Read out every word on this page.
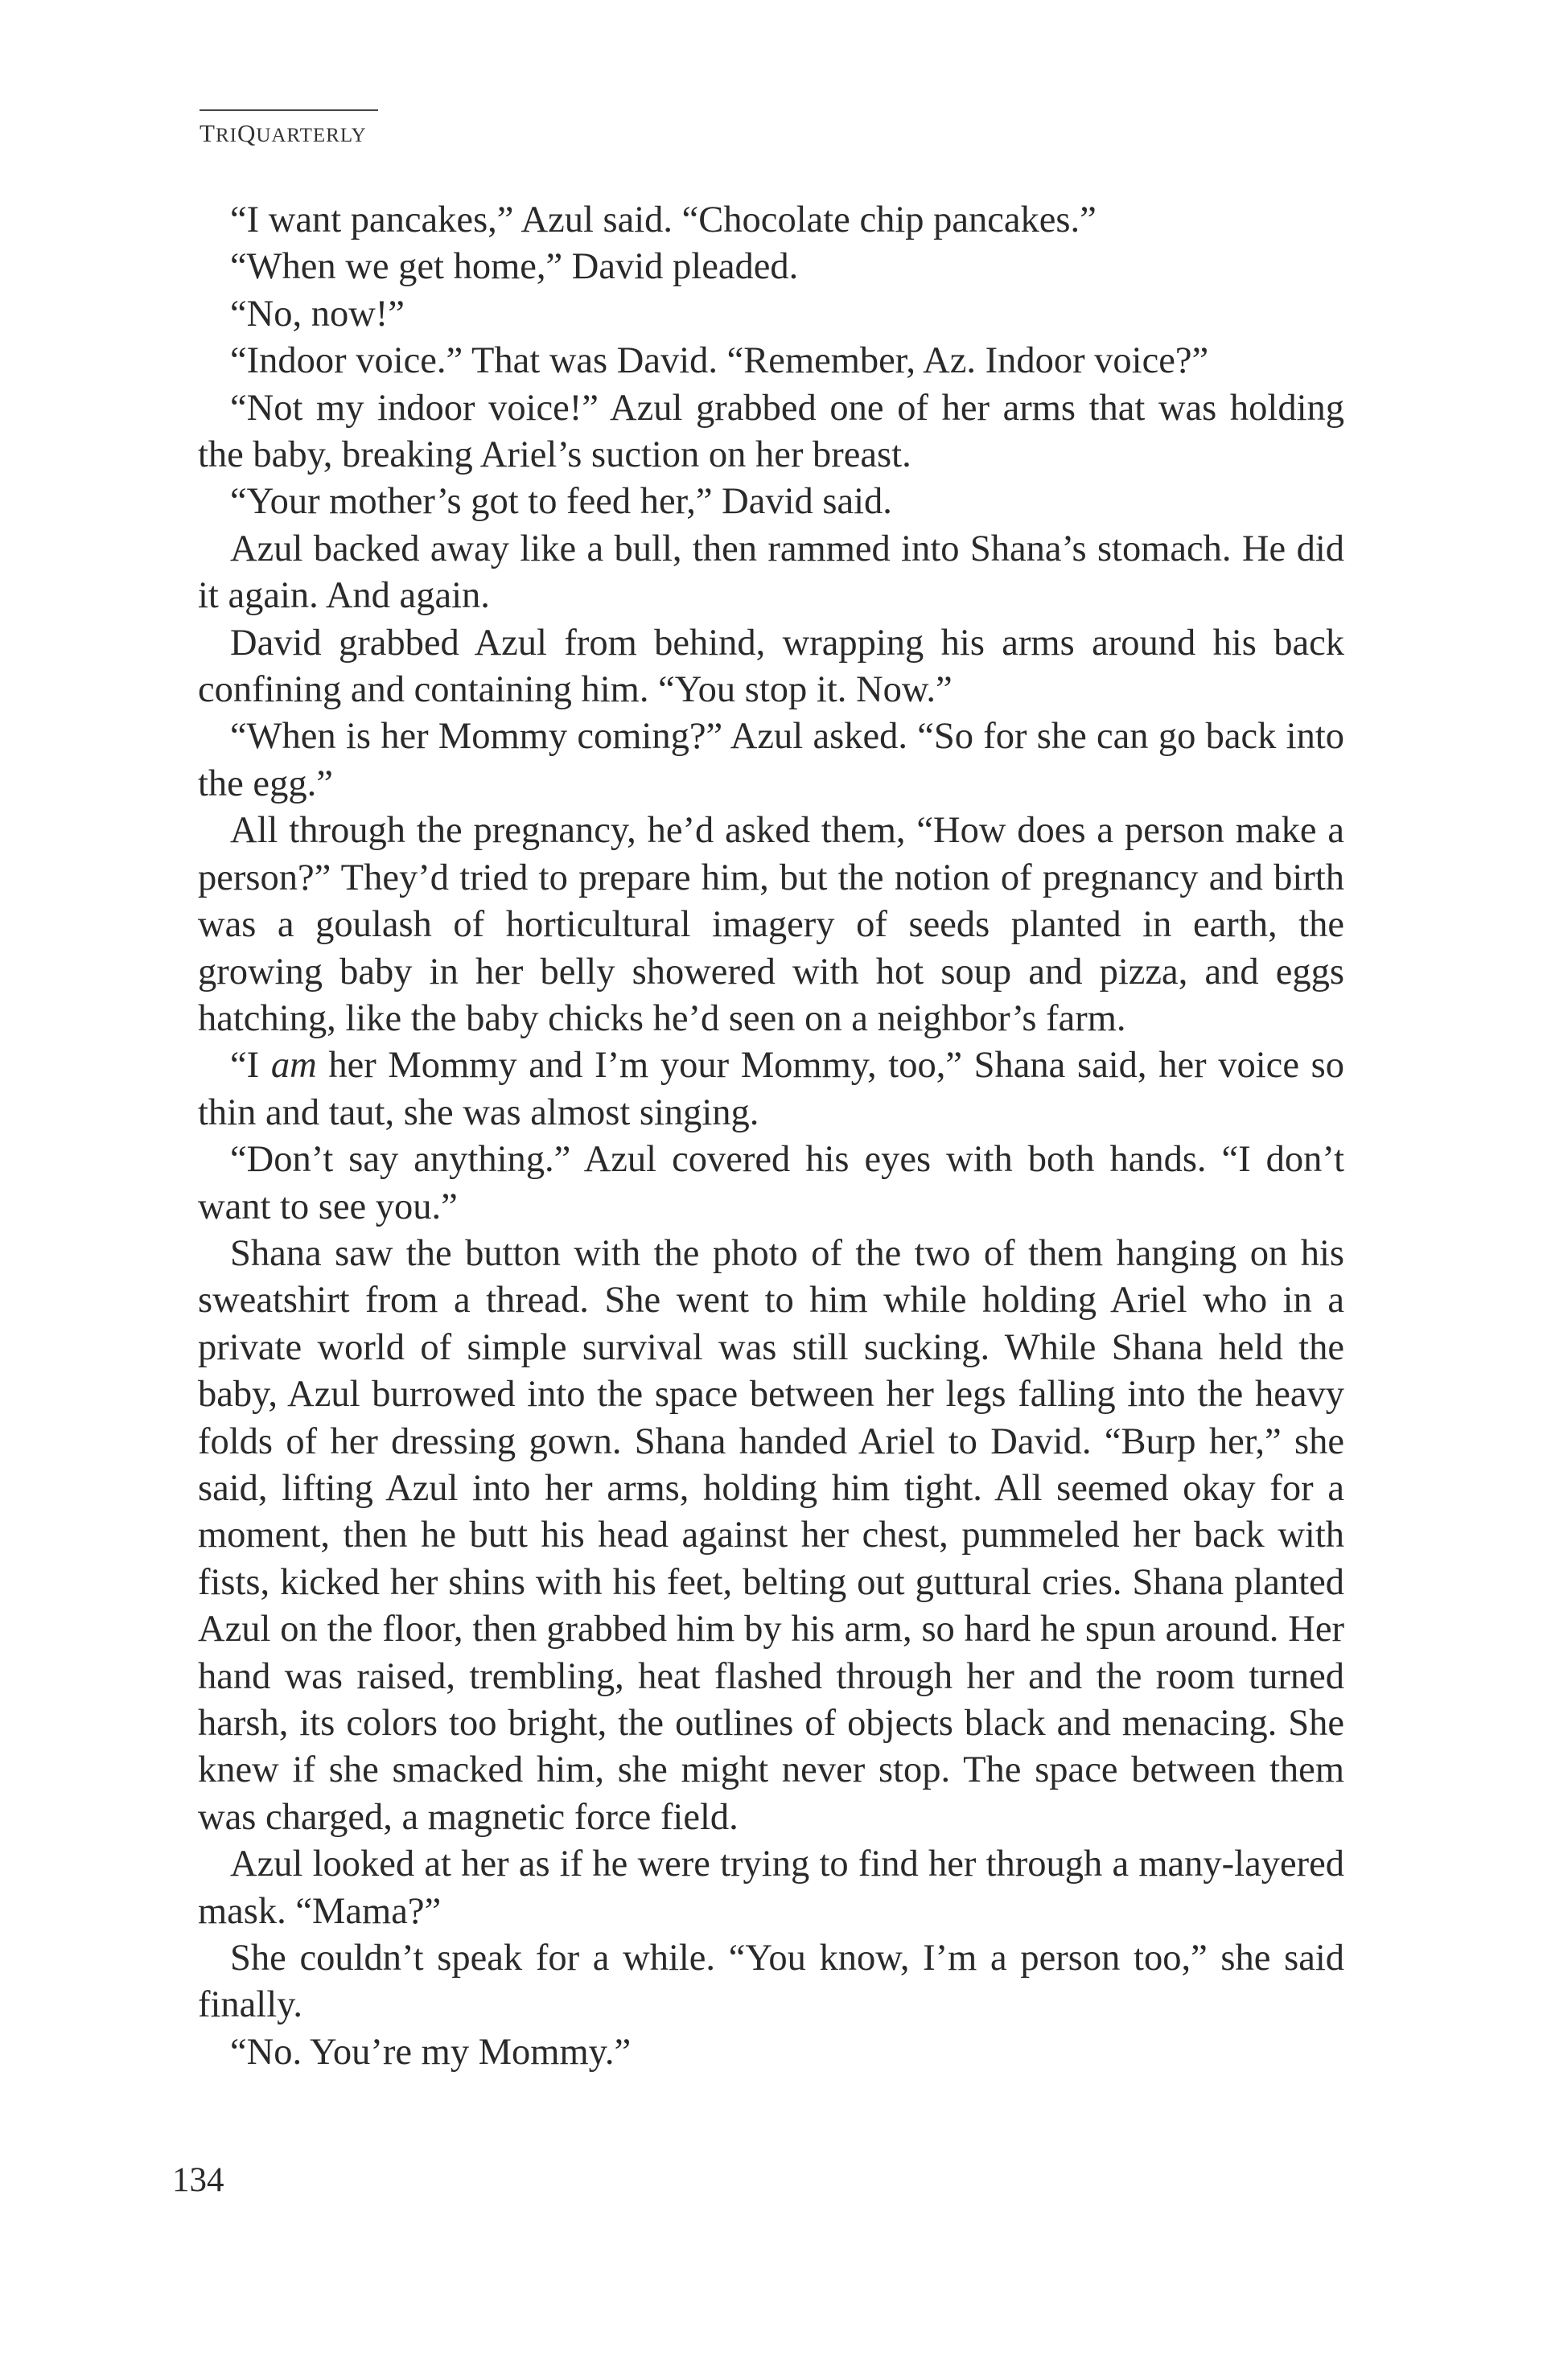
TRIQUARTERLY

“I want pancakes,” Azul said. “Chocolate chip pancakes.”

“When we get home,” David pleaded.

“No, now!”

“Indoor voice.” That was David. “Remember, Az. Indoor voice?”

“Not my indoor voice!” Azul grabbed one of her arms that was holding the baby, breaking Ariel’s suction on her breast.

“Your mother’s got to feed her,” David said.

Azul backed away like a bull, then rammed into Shana’s stomach. He did it again. And again.

David grabbed Azul from behind, wrapping his arms around his back confining and containing him. “You stop it. Now.”

“When is her Mommy coming?” Azul asked. “So for she can go back into the egg.”

All through the pregnancy, he’d asked them, “How does a person make a person?” They’d tried to prepare him, but the notion of pregnancy and birth was a goulash of horticultural imagery of seeds planted in earth, the growing baby in her belly showered with hot soup and pizza, and eggs hatching, like the baby chicks he’d seen on a neighbor’s farm.

“I am her Mommy and I’m your Mommy, too,” Shana said, her voice so thin and taut, she was almost singing.

“Don’t say anything.” Azul covered his eyes with both hands. “I don’t want to see you.”

Shana saw the button with the photo of the two of them hanging on his sweatshirt from a thread. She went to him while holding Ariel who in a private world of simple survival was still sucking. While Shana held the baby, Azul burrowed into the space between her legs falling into the heavy folds of her dressing gown. Shana handed Ariel to David. “Burp her,” she said, lifting Azul into her arms, holding him tight. All seemed okay for a moment, then he butt his head against her chest, pummeled her back with fists, kicked her shins with his feet, belting out guttural cries. Shana planted Azul on the floor, then grabbed him by his arm, so hard he spun around. Her hand was raised, trembling, heat flashed through her and the room turned harsh, its colors too bright, the outlines of objects black and menacing. She knew if she smacked him, she might never stop. The space between them was charged, a magnetic force field.

Azul looked at her as if he were trying to find her through a many-layered mask. “Mama?”

She couldn’t speak for a while. “You know, I’m a person too,” she said finally.

“No. You’re my Mommy.”

134
